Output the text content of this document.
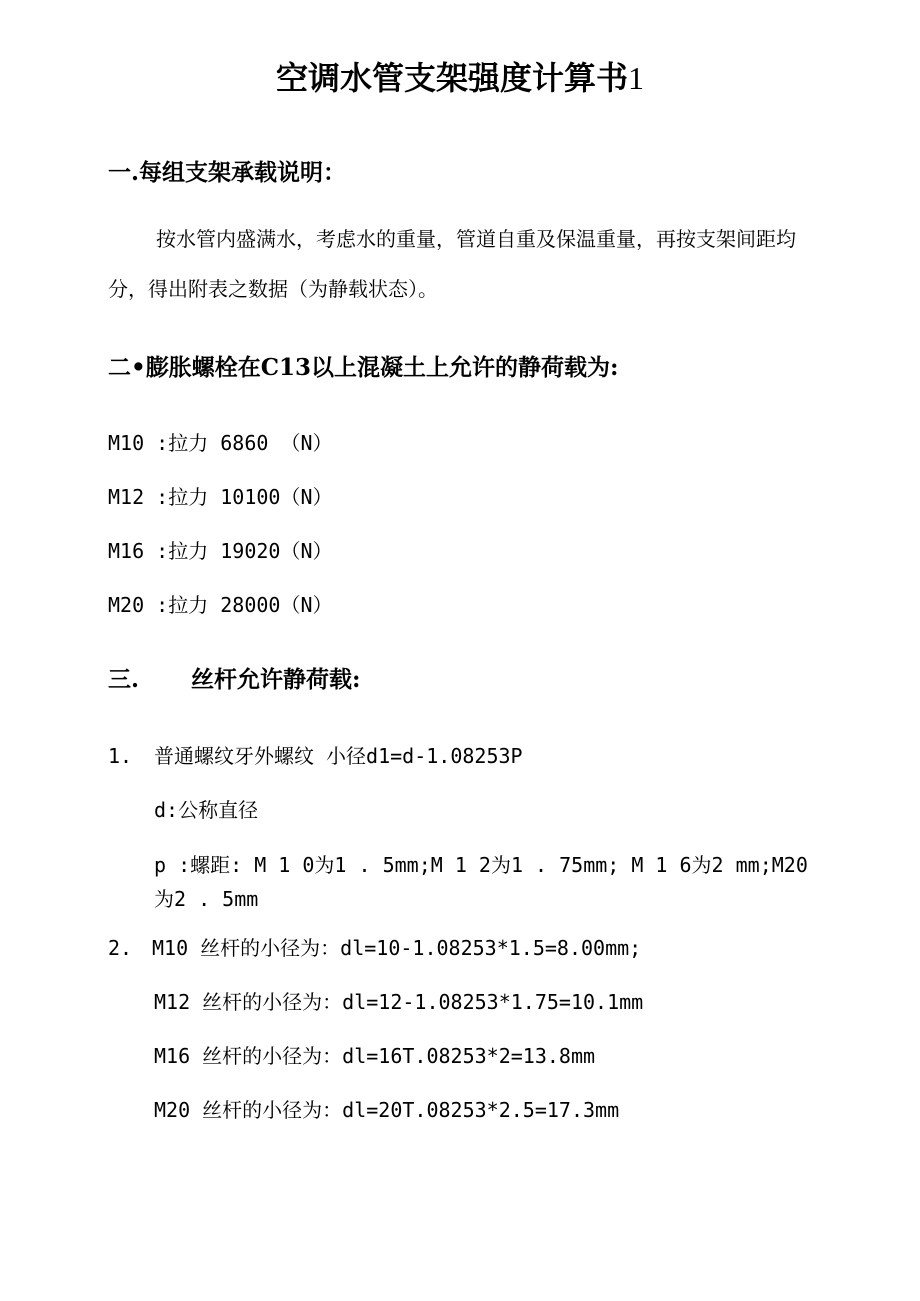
空调水管支架强度计算书1
一.每组支架承载说明：
按水管内盛满水，考虑水的重量，管道自重及保温重量，再按支架间距均分，得出附表之数据（为静载状态）。
二•膨胀螺栓在C13以上混凝土上允许的静荷载为:
M10 :拉力 6860 （N）
M12 :拉力 10100（N）
M16 :拉力 19020（N）
M20 :拉力 28000（N）
三. 丝杆允许静荷载:
1. 普通螺纹牙外螺纹 小径d1=d-1.08253P
d:公称直径
p :螺距: M 1 0为1 . 5mm;M 1 2为1 . 75mm; M 1 6为2 mm;M20为2 . 5mm
2. M10 丝杆的小径为：dl=10-1.08253*1.5=8.00mm;
M12 丝杆的小径为：dl=12-1.08253*1.75=10.1mm
M16 丝杆的小径为：dl=16T.08253*2=13.8mm
M20 丝杆的小径为：dl=20T.08253*2.5=17.3mm
